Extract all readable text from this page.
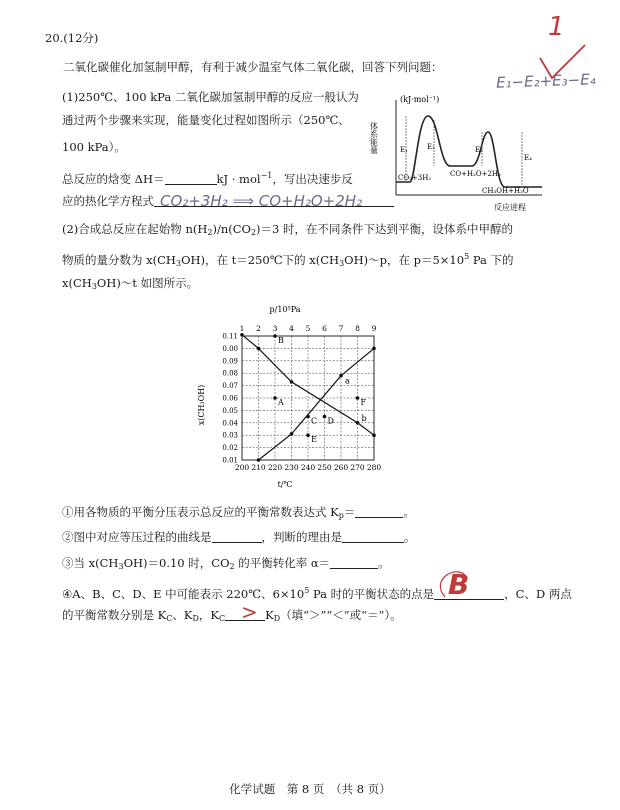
20.(12分)
二氧化碳催化加氢制甲醇，有利于减少温室气体二氧化碳，回答下列问题：
(1)250℃、100 kPa 二氧化碳加氢制甲醇的反应一般认为
通过两个步骤来实现，能量变化过程如图所示（250℃、
100 kPa）。
总反应的焓变 ΔH＝	kJ · mol$^{-1}$，写出决速步反
应的热化学方程式
(2)合成总反应在起始物 $n(H_2)/n(CO_2)=3$ 时，在不同条件下达到平衡，设体系中甲醇的
物质的量分数为 $x(CH_3OH)$，在 t＝250℃下的 $x(CH_3OH)\sim p$，在 $p=5\times 10^5$ Pa 下的
$x(CH_3OH)\sim t$ 如图所示。
①用各物质的平衡分压表示总反应的平衡常数表达式 $K_p=$	。
②图中对应等压过程的曲线是	，判断的理由是	。
③当 $x(CH_3OH)=0.10$ 时，$CO_2$ 的平衡转化率 α＝	。
④A、B、C、D、E 中可能表示 220℃、$6\times 10^5$ Pa 时的平衡状态的点是	，C、D 两点
的平衡常数分别是 $K_C$、$K_D$，$K_C$	$K_D$（填“＞”“＜”或“＝”）。
1
E₁−E₂+E₃−E₄
CO₂+3H₂ ⟹ CO+H₂O+2H₂
B
>
(kJ·mol⁻¹)
体系能量	E₁	E₂	E₃
E₄
CO₂+3H₂	CO+H₂O+2H₂
CH₃OH+H₂O
反应进程
p/10⁵Pa
t/℃
x(CH₃OH)
1
200
2
210
3
220
4
230
5
240
6
250
7
260
8
270
9
280
0.11
0.00
0.09
0.08
0.07
0.06
0.05
0.04
0.03
0.02
0.01
a
b
B
A
C D
E
F
化学试题　第 8 页　（共 8 页）
